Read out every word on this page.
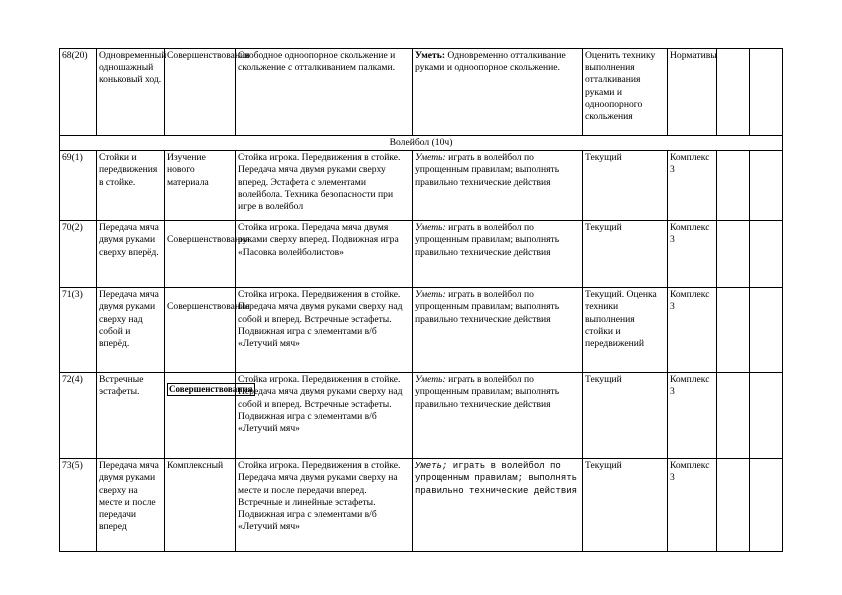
68(20)	Одновременный одношажный коньковый ход.	Совершенствования	Свободное одноопорное скольжение и скольжение с отталкиванием палками.	Уметь: Одновременно отталкивание руками и одноопорное скольжение.	Оценить технику выполнения отталкивания руками и одноопорного скольжения	Нормативы		
Волейбол (10ч)								
69(1)	Стойки и передвижения в стойке.	Изучение нового материала	Стойка игрока. Передвижения в стойке. Передача мяча двумя руками сверху вперед. Эстафета с элементами волейбола. Техника безопасности при игре в волейбол	Уметь: играть в волейбол по упрощенным правилам; выполнять правильно технические действия	Текущий	Комплекс 3		
70(2)	Передача мяча двумя руками сверху вперёд.	Совершенствования	Стойка игрока. Передача мяча двумя руками сверху вперед. Подвижная игра «Пасовка волейболистов»	Уметь: играть в волейбол по упрощенным правилам; выполнять правильно технические действия	Текущий	Комплекс 3		
71(3)	Передача мяча двумя руками сверху над собой и вперёд.	Совершенствования	Стойка игрока. Передвижения в стойке. Передача мяча двумя руками сверху над собой и вперед. Встречные эстафеты. Подвижная игра с элементами в/б «Летучий мяч»	Уметь: играть в волейбол по упрощенным правилам; выполнять правильно технические действия	Текущий. Оценка техники выполнения стойки и передвижений	Комплекс 3		
72(4)	Встречные эстафеты.	Совершенствования	Стойка игрока. Передвижения в стойке. Передача мяча двумя руками сверху над собой и вперед. Встречные эстафеты. Подвижная игра с элементами в/б «Летучий мяч»	Уметь: играть в волейбол по упрощенным правилам; выполнять правильно технические действия	Текущий	Комплекс 3		
73(5)	Передача мяча двумя руками сверху на месте и после передачи вперед	Комплексный	Стойка игрока. Передвижения в стойке. Передача мяча двумя руками сверху на месте и после передачи вперед. Встречные и линейные эстафеты. Подвижная игра с элементами в/б «Летучий мяч»	Уметь; играть в волейбол по упрощенным правилам; выполнять правильно технические действия	Текущий	Комплекс 3		
